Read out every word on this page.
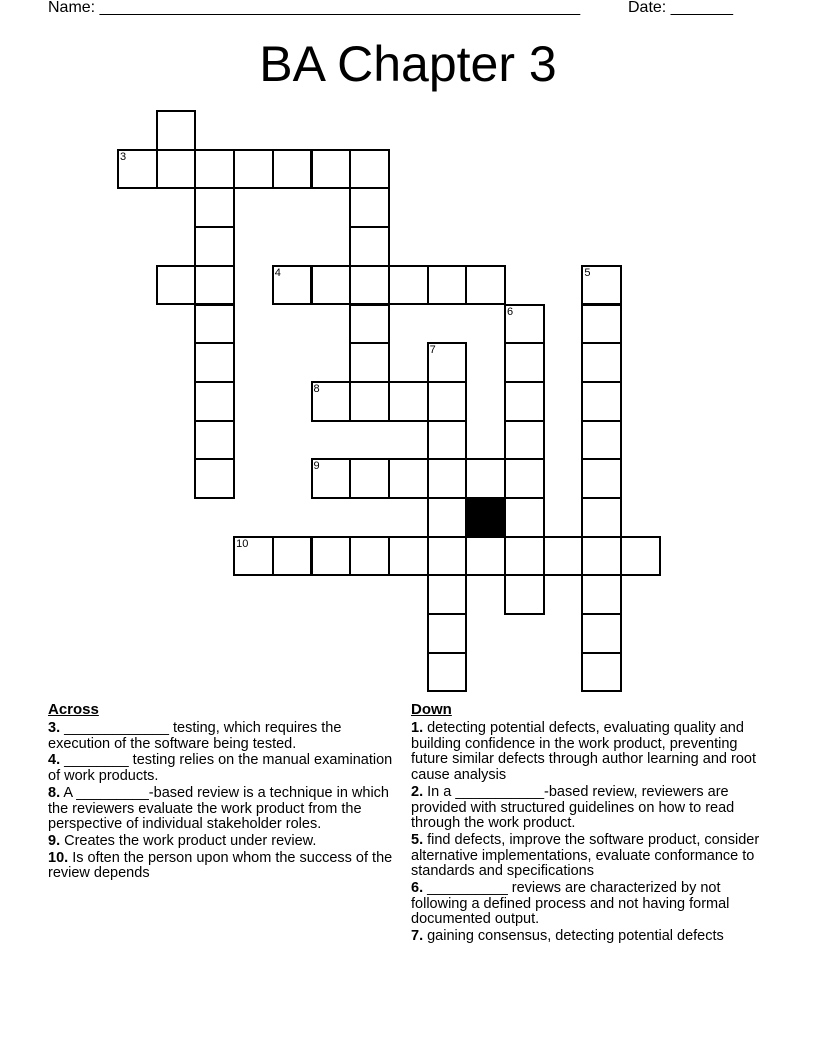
Name: ______________________________________________________	Date: _______
BA Chapter 3
3
4	5
6
7
8
9
10
Across
3. _____________ testing, which requires the execution of the software being tested.
4. ________ testing relies on the manual examination of work products.
8. A _________-based review is a technique in which the reviewers evaluate the work product from the perspective of individual stakeholder roles.
9. Creates the work product under review.
10. Is often the person upon whom the success of the review depends
Down
1. detecting potential defects, evaluating quality and building confidence in the work product, preventing future similar defects through author learning and root cause analysis
2. In a ___________-based review, reviewers are provided with structured guidelines on how to read through the work product.
5. find defects, improve the software product, consider alternative implementations, evaluate conformance to standards and specifications
6. __________ reviews are characterized by not following a defined process and not having formal documented output.
7. gaining consensus, detecting potential defects
